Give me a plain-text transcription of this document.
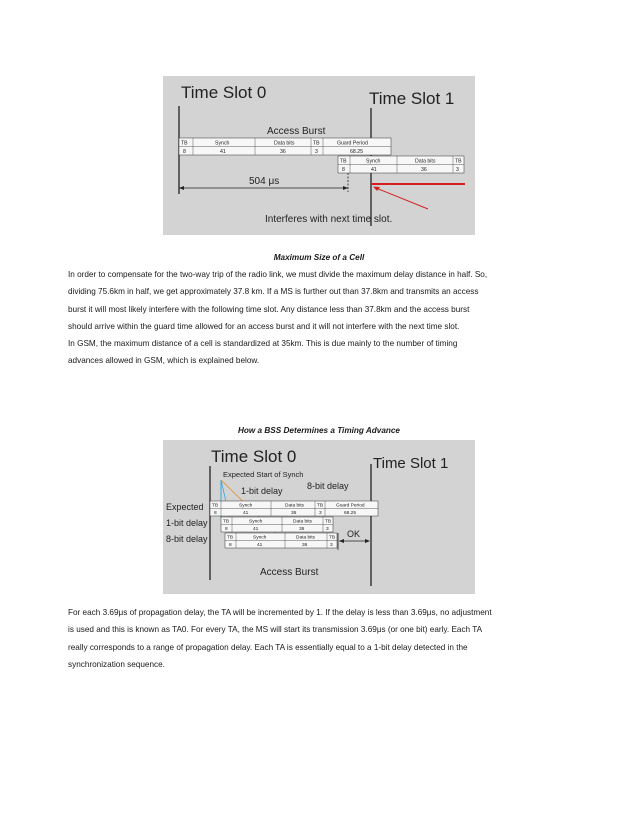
Time Slot 0	Time Slot 1
Access Burst
TB	Synch	Data bits	TB	Guard Period
8	41	36	3	68.25
TB	Synch	Data bits	TB
8	41	36	3
504 μs
Interferes with next time slot.
Maximum Size of a Cell

In order to compensate for the two-way trip of the radio link, we must divide the maximum delay distance in half. So,

dividing 75.6km in half, we get approximately 37.8 km. If a MS is further out than 37.8km and transmits an access

burst it will most likely interfere with the following time slot. Any distance less than 37.8km and the access burst

should arrive within the guard time allowed for an access burst and it will not interfere with the next time slot.

In GSM, the maximum distance of a cell is standardized at 35km. This is due mainly to the number of timing

advances allowed in GSM, which is explained below.

How a BSS Determines a Timing Advance
Time Slot 0	Time Slot 1
Expected Start of Synch
1-bit delay	8-bit delay
Expected
1-bit delay
8-bit delay
TB	Synch	Data bits	TB	Guard Period
8	41	36	3	68.25
TB	Synch	Data bits	TB
8	41	36	3
TB	Synch	Data bits	TB
8	41	36	3
OK
Access Burst

For each 3.69μs of propagation delay, the TA will be incremented by 1. If the delay is less than 3.69μs, no adjustment

is used and this is known as TA0. For every TA, the MS will start its transmission 3.69μs (or one bit) early. Each TA

really corresponds to a range of propagation delay. Each TA is essentially equal to a 1-bit delay detected in the

synchronization sequence.
